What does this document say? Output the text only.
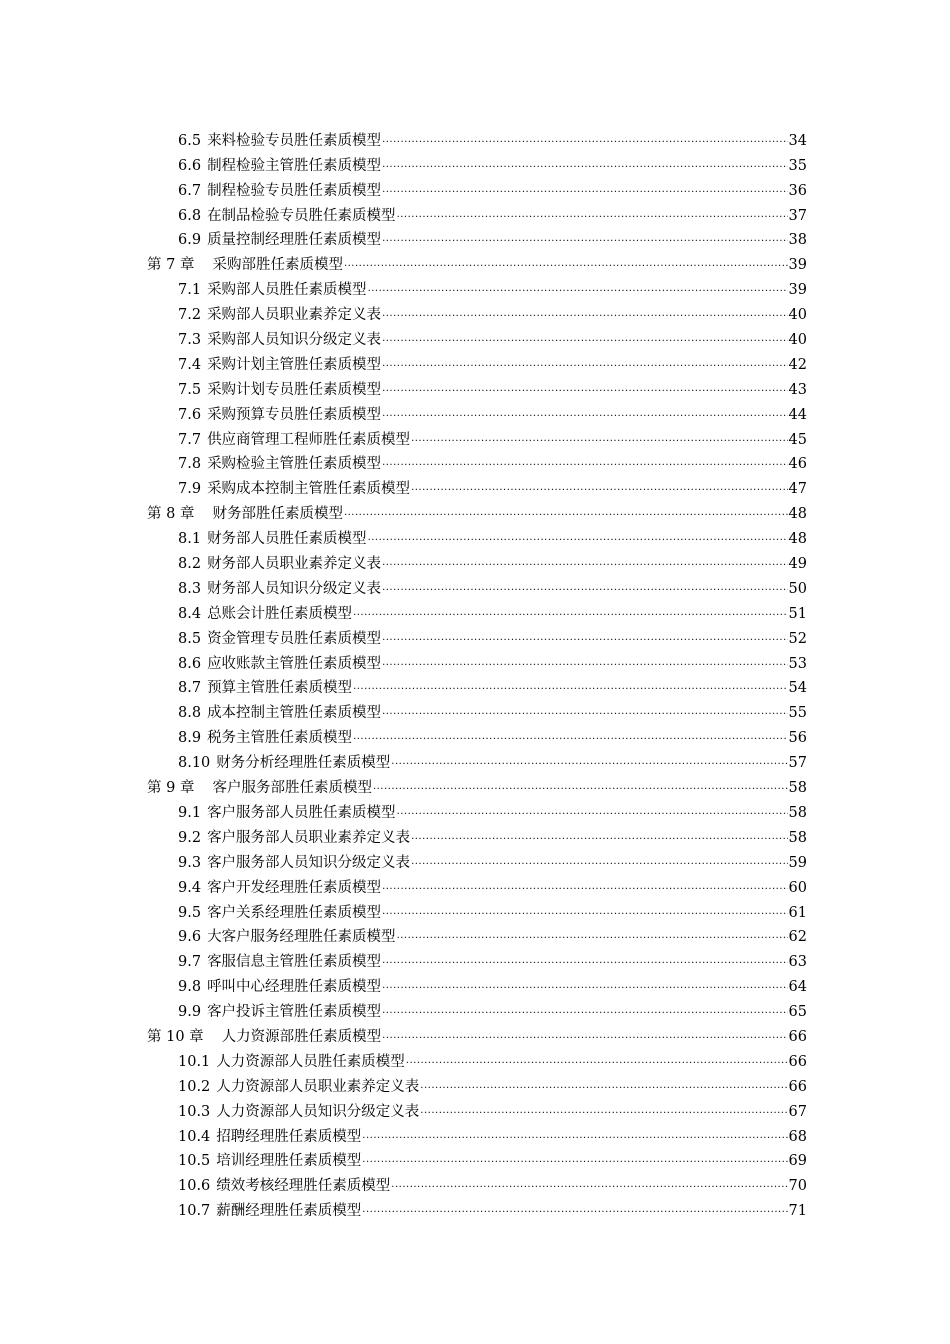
6.5 来料检验专员胜任素质模型 .....	34
6.6 制程检验主管胜任素质模型 .....	35
6.7 制程检验专员胜任素质模型 .....	36
6.8 在制品检验专员胜任素质模型 .....	37
6.9 质量控制经理胜任素质模型 .....	38
第 7 章 采购部胜任素质模型 .....	39
7.1 采购部人员胜任素质模型 .....	39
7.2 采购部人员职业素养定义表 .....	40
7.3 采购部人员知识分级定义表 .....	40
7.4 采购计划主管胜任素质模型 .....	42
7.5 采购计划专员胜任素质模型 .....	43
7.6 采购预算专员胜任素质模型 .....	44
7.7 供应商管理工程师胜任素质模型 .....	45
7.8 采购检验主管胜任素质模型 .....	46
7.9 采购成本控制主管胜任素质模型 .....	47
第 8 章 财务部胜任素质模型 .....	48
8.1 财务部人员胜任素质模型 .....	48
8.2 财务部人员职业素养定义表 .....	49
8.3 财务部人员知识分级定义表 .....	50
8.4 总账会计胜任素质模型 .....	51
8.5 资金管理专员胜任素质模型 .....	52
8.6 应收账款主管胜任素质模型 .....	53
8.7 预算主管胜任素质模型 .....	54
8.8 成本控制主管胜任素质模型 .....	55
8.9 税务主管胜任素质模型 .....	56
8.10 财务分析经理胜任素质模型 .....	57
第 9 章 客户服务部胜任素质模型 .....	58
9.1 客户服务部人员胜任素质模型 .....	58
9.2 客户服务部人员职业素养定义表 .....	58
9.3 客户服务部人员知识分级定义表 .....	59
9.4 客户开发经理胜任素质模型 .....	60
9.5 客户关系经理胜任素质模型 .....	61
9.6 大客户服务经理胜任素质模型 .....	62
9.7 客服信息主管胜任素质模型 .....	63
9.8 呼叫中心经理胜任素质模型 .....	64
9.9 客户投诉主管胜任素质模型 .....	65
第 10 章 人力资源部胜任素质模型 .....	66
10.1 人力资源部人员胜任素质模型 .....	66
10.2 人力资源部人员职业素养定义表 .....	66
10.3 人力资源部人员知识分级定义表 .....	67
10.4 招聘经理胜任素质模型 .....	68
10.5 培训经理胜任素质模型 .....	69
10.6 绩效考核经理胜任素质模型 .....	70
10.7 薪酬经理胜任素质模型 .....	71
